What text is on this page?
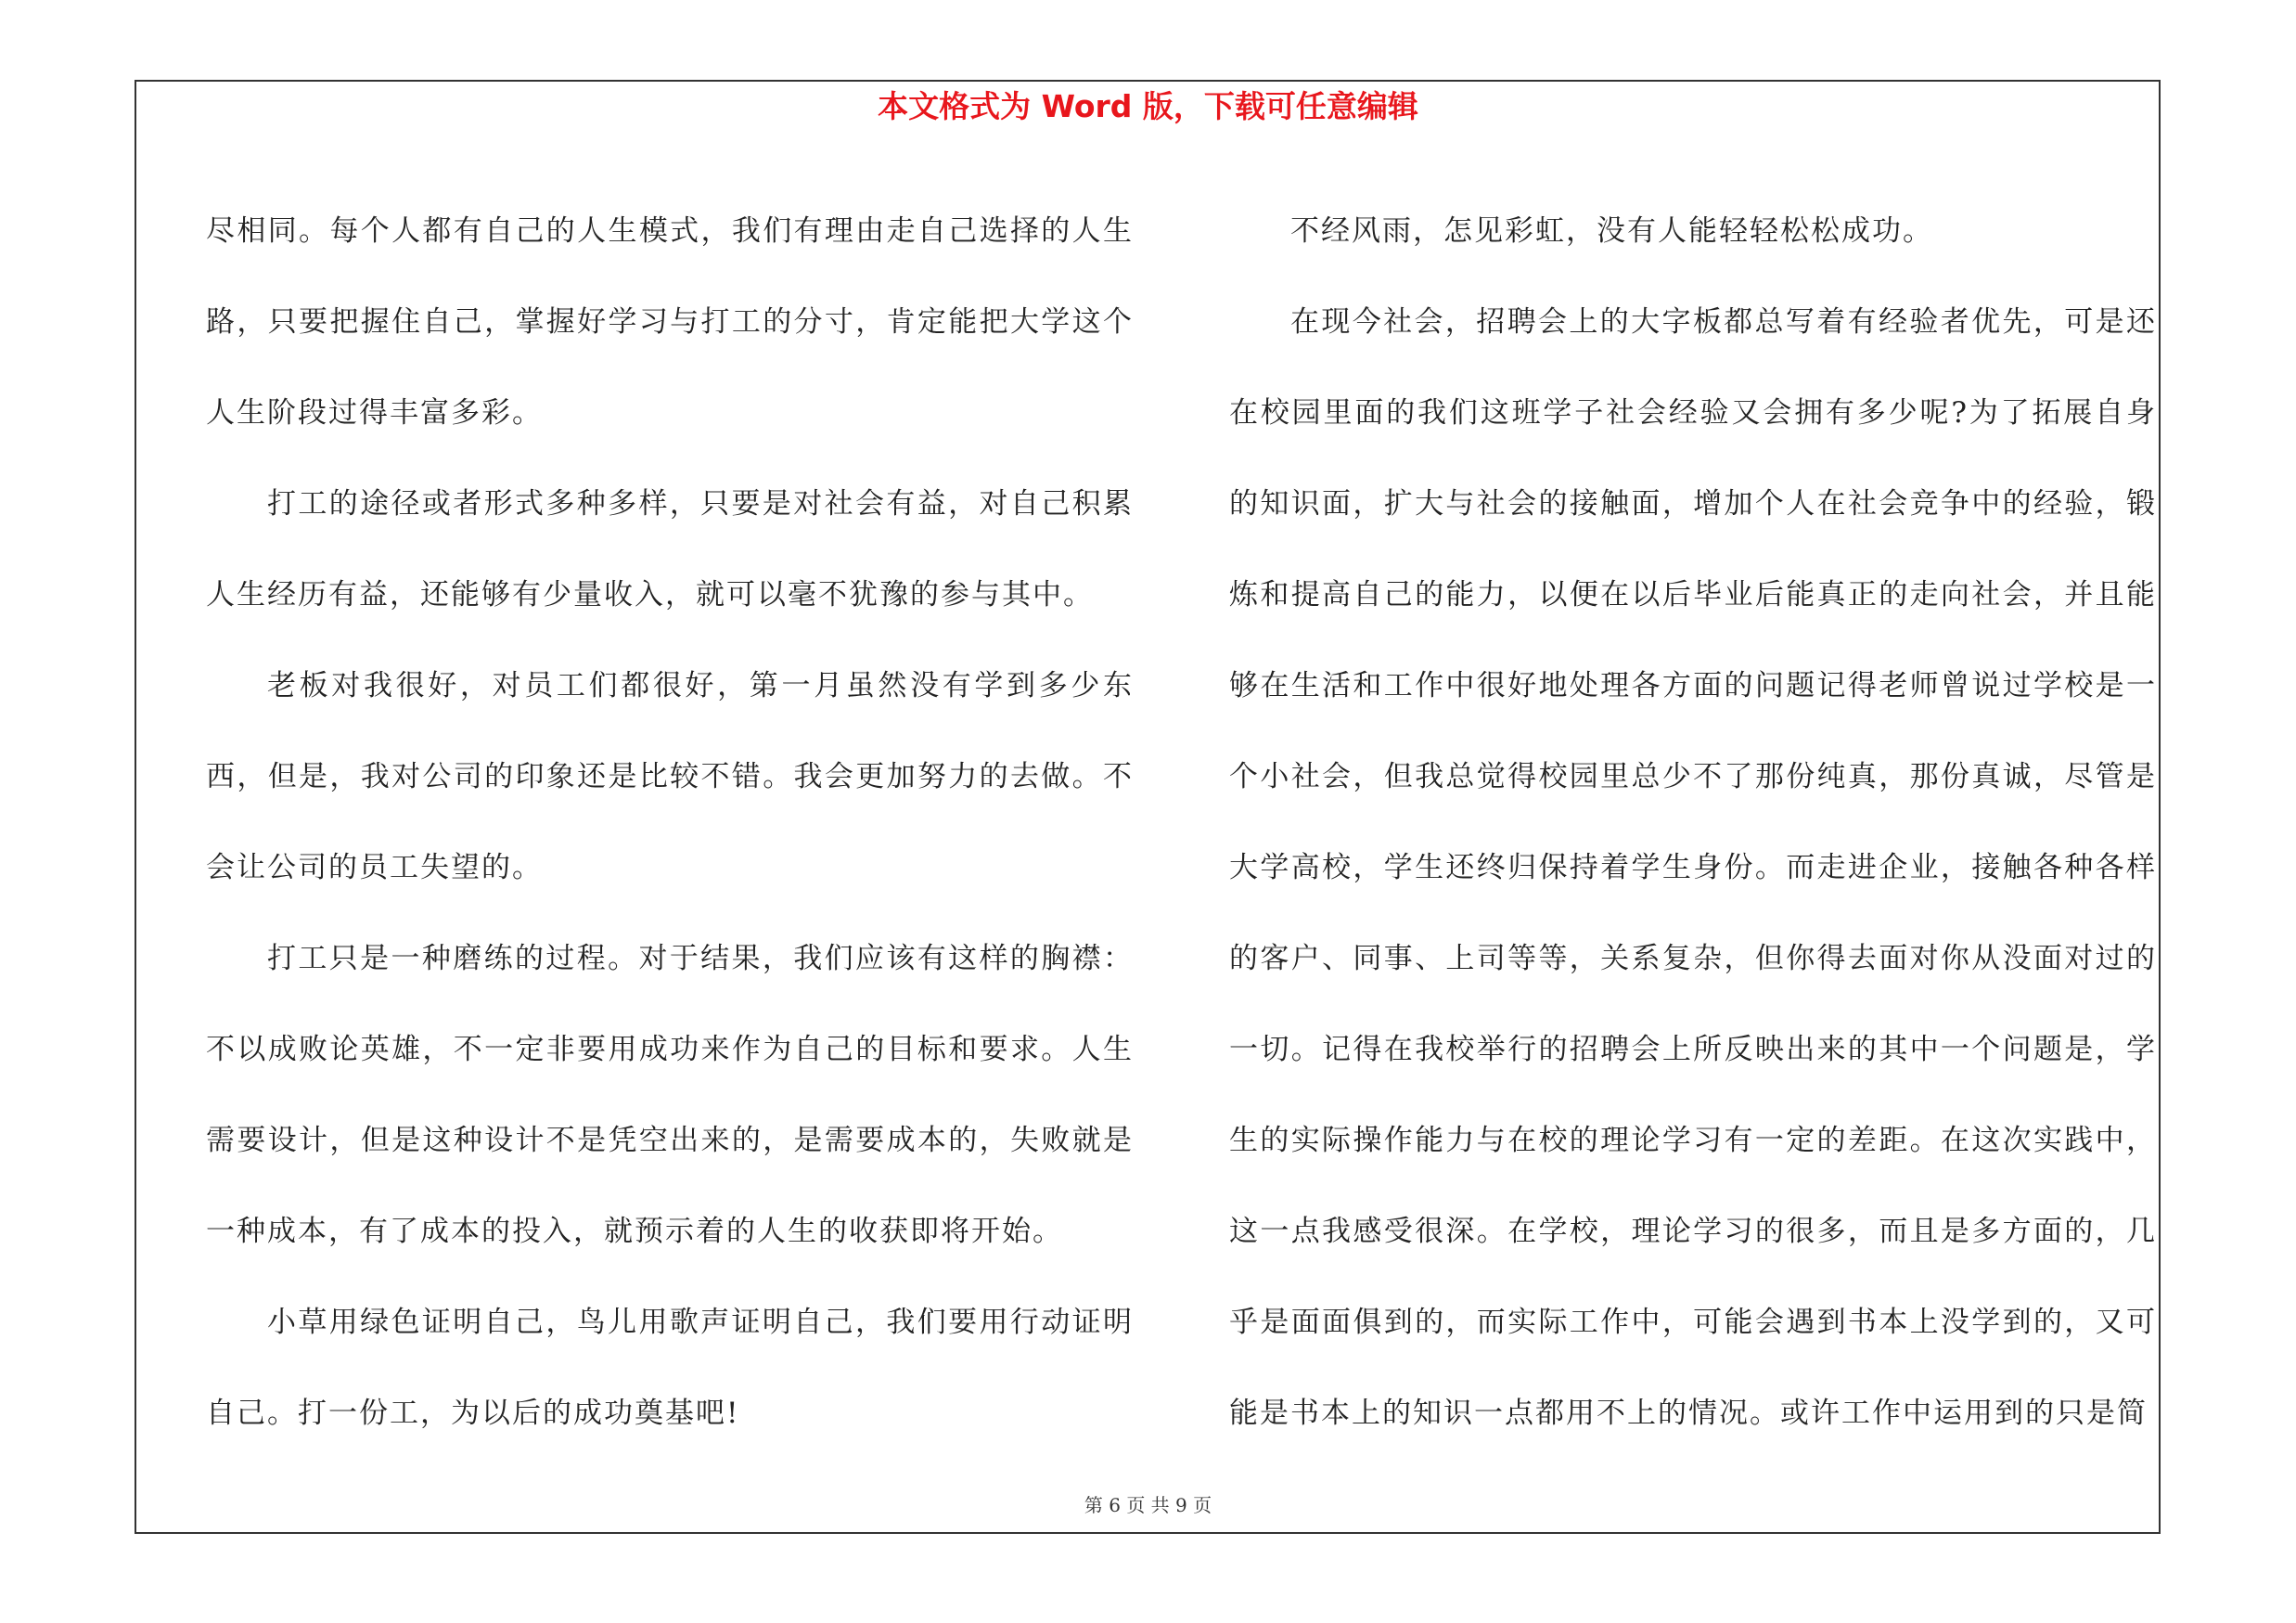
本文格式为 Word 版，下载可任意编辑

尽相同。每个人都有自己的人生模式，我们有理由走自己选择的人生路，只要把握住自己，掌握好学习与打工的分寸，肯定能把大学这个人生阶段过得丰富多彩。

打工的途径或者形式多种多样，只要是对社会有益，对自己积累人生经历有益，还能够有少量收入，就可以毫不犹豫的参与其中。

老板对我很好，对员工们都很好，第一月虽然没有学到多少东西，但是，我对公司的印象还是比较不错。我会更加努力的去做。不会让公司的员工失望的。

打工只是一种磨练的过程。对于结果，我们应该有这样的胸襟：不以成败论英雄，不一定非要用成功来作为自己的目标和要求。人生需要设计，但是这种设计不是凭空出来的，是需要成本的，失败就是一种成本，有了成本的投入，就预示着的人生的收获即将开始。

小草用绿色证明自己，鸟儿用歌声证明自己，我们要用行动证明自己。打一份工，为以后的成功奠基吧!

不经风雨，怎见彩虹，没有人能轻轻松松成功。

在现今社会，招聘会上的大字板都总写着有经验者优先，可是还在校园里面的我们这班学子社会经验又会拥有多少呢?为了拓展自身的知识面，扩大与社会的接触面，增加个人在社会竞争中的经验，锻炼和提高自己的能力，以便在以后毕业后能真正的走向社会，并且能够在生活和工作中很好地处理各方面的问题记得老师曾说过学校是一个小社会，但我总觉得校园里总少不了那份纯真，那份真诚，尽管是大学高校，学生还终归保持着学生身份。而走进企业，接触各种各样的客户、同事、上司等等，关系复杂，但你得去面对你从没面对过的一切。记得在我校举行的招聘会上所反映出来的其中一个问题是，学生的实际操作能力与在校的理论学习有一定的差距。在这次实践中，这一点我感受很深。在学校，理论学习的很多，而且是多方面的，几乎是面面俱到的，而实际工作中，可能会遇到书本上没学到的，又可能是书本上的知识一点都用不上的情况。或许工作中运用到的只是简

第 6 页 共 9 页
